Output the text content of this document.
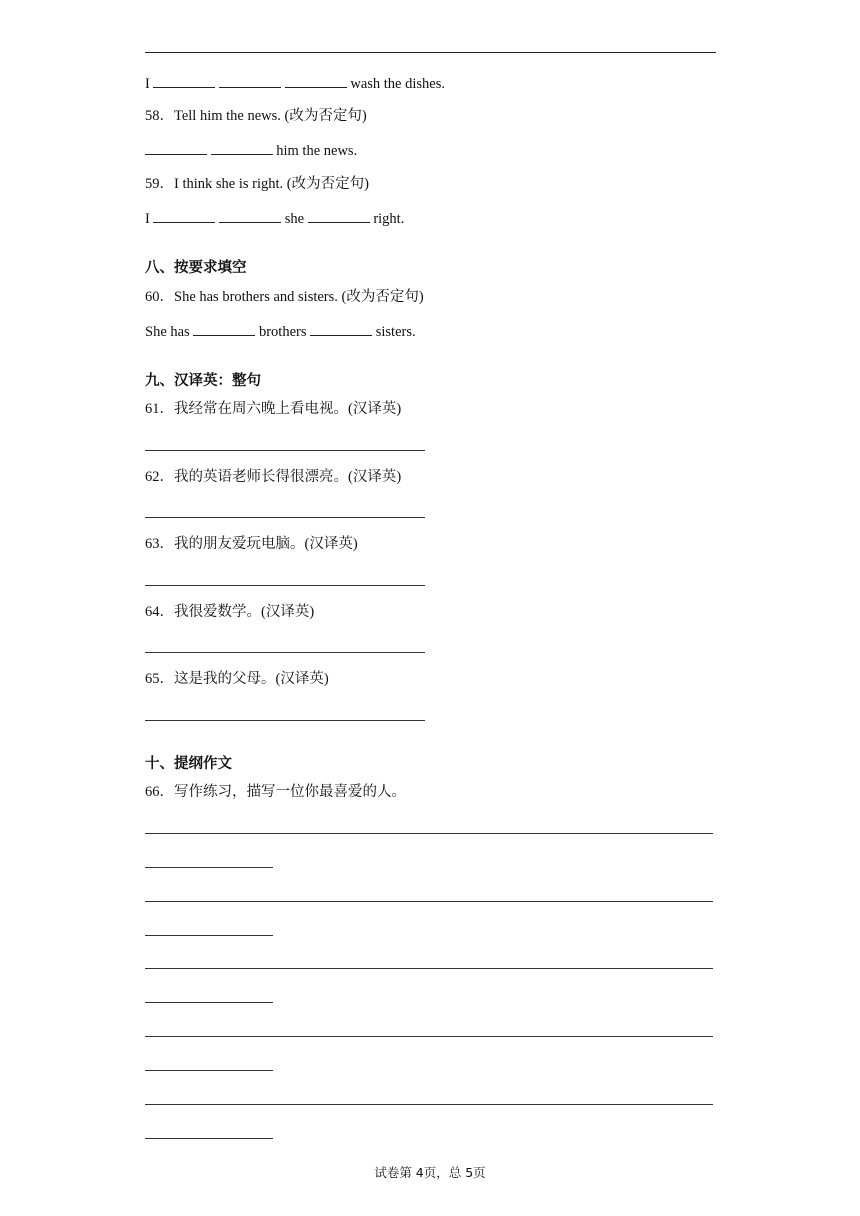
I	wash the dishes.
58．Tell him the news. (改为否定句)
him the news.
59．I think she is right. (改为否定句)
I	she	right.
八、按要求填空
60．She has brothers and sisters. (改为否定句)
She has	brothers	sisters.
九、汉译英：整句
61．我经常在周六晚上看电视。(汉译英)
62．我的英语老师长得很漂亮。(汉译英)
63．我的朋友爱玩电脑。(汉译英)
64．我很爱数学。(汉译英)
65．这是我的父母。(汉译英)
十、提纲作文
66．写作练习，描写一位你最喜爱的人。
试卷第 4页，总 5页
